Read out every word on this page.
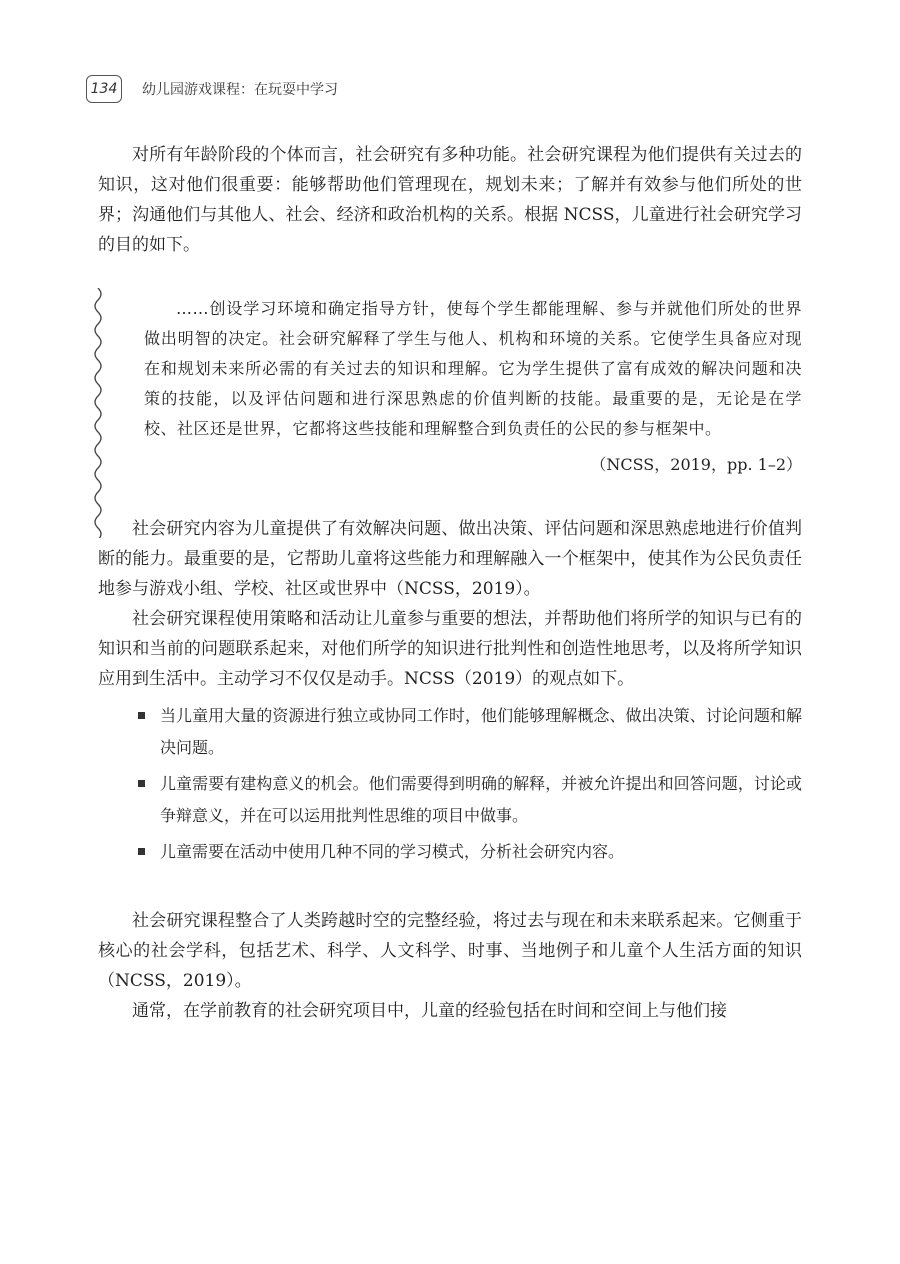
134	幼儿园游戏课程：在玩耍中学习

对所有年龄阶段的个体而言，社会研究有多种功能。社会研究课程为他们提供有关过去的知识，这对他们很重要：能够帮助他们管理现在，规划未来；了解并有效参与他们所处的世界；沟通他们与其他人、社会、经济和政治机构的关系。根据 NCSS，儿童进行社会研究学习的目的如下。

……创设学习环境和确定指导方针，使每个学生都能理解、参与并就他们所处的世界做出明智的决定。社会研究解释了学生与他人、机构和环境的关系。它使学生具备应对现在和规划未来所必需的有关过去的知识和理解。它为学生提供了富有成效的解决问题和决策的技能，以及评估问题和进行深思熟虑的价值判断的技能。最重要的是，无论是在学校、社区还是世界，它都将这些技能和理解整合到负责任的公民的参与框架中。

（NCSS，2019，pp. 1–2）

社会研究内容为儿童提供了有效解决问题、做出决策、评估问题和深思熟虑地进行价值判断的能力。最重要的是，它帮助儿童将这些能力和理解融入一个框架中，使其作为公民负责任地参与游戏小组、学校、社区或世界中（NCSS，2019）。

社会研究课程使用策略和活动让儿童参与重要的想法，并帮助他们将所学的知识与已有的知识和当前的问题联系起来，对他们所学的知识进行批判性和创造性地思考，以及将所学知识应用到生活中。主动学习不仅仅是动手。NCSS（2019）的观点如下。

当儿童用大量的资源进行独立或协同工作时，他们能够理解概念、做出决策、讨论问题和解决问题。
儿童需要有建构意义的机会。他们需要得到明确的解释，并被允许提出和回答问题，讨论或争辩意义，并在可以运用批判性思维的项目中做事。
儿童需要在活动中使用几种不同的学习模式，分析社会研究内容。

社会研究课程整合了人类跨越时空的完整经验，将过去与现在和未来联系起来。它侧重于核心的社会学科，包括艺术、科学、人文科学、时事、当地例子和儿童个人生活方面的知识（NCSS，2019）。

通常，在学前教育的社会研究项目中，儿童的经验包括在时间和空间上与他们接
